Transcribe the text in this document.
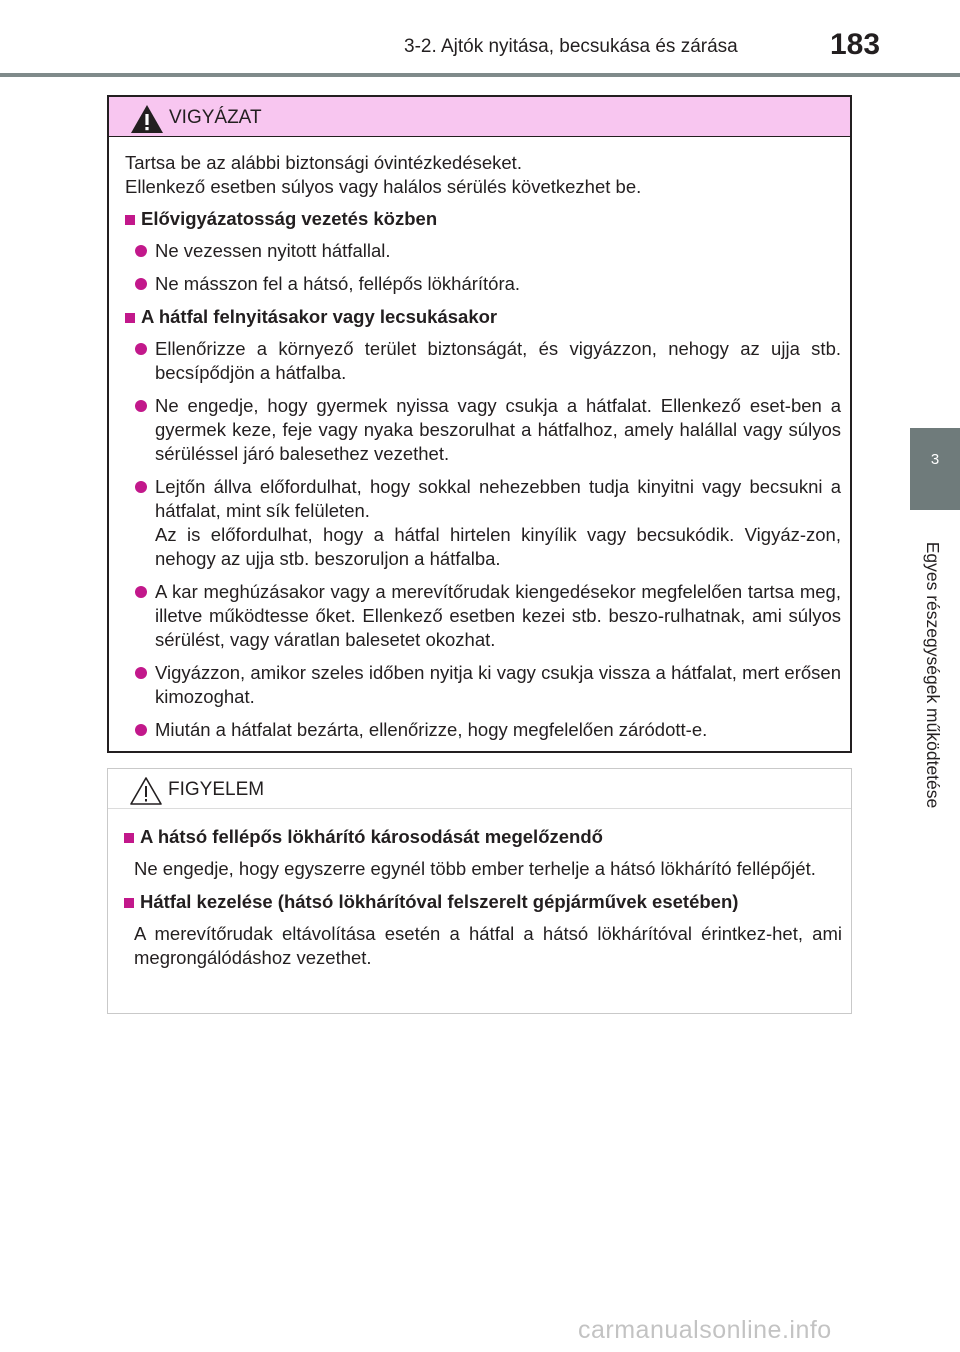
3-2. Ajtók nyitása, becsukása és zárása	183
3
Egyes részegységek működtetése
VIGYÁZAT

Tartsa be az alábbi biztonsági óvintézkedéseket.

Ellenkező esetben súlyos vagy halálos sérülés következhet be.

Elővigyázatosság vezetés közben
Ne vezessen nyitott hátfallal.
Ne másszon fel a hátsó, fellépős lökhárítóra.
A hátfal felnyitásakor vagy lecsukásakor
Ellenőrizze a környező terület biztonságát, és vigyázzon, nehogy az ujja stb. becsípődjön a hátfalba.
Ne engedje, hogy gyermek nyissa vagy csukja a hátfalat. Ellenkező eset-ben a gyermek keze, feje vagy nyaka beszorulhat a hátfalhoz, amely halállal vagy súlyos sérüléssel járó balesethez vezethet.
Lejtőn állva előfordulhat, hogy sokkal nehezebben tudja kinyitni vagy becsukni a hátfalat, mint sík felületen.
Az is előfordulhat, hogy a hátfal hirtelen kinyílik vagy becsukódik. Vigyáz-zon, nehogy az ujja stb. beszoruljon a hátfalba.
A kar meghúzásakor vagy a merevítőrudak kiengedésekor megfelelően tartsa meg, illetve működtesse őket. Ellenkező esetben kezei stb. beszo-rulhatnak, ami súlyos sérülést, vagy váratlan balesetet okozhat.
Vigyázzon, amikor szeles időben nyitja ki vagy csukja vissza a hátfalat, mert erősen kimozoghat.
Miután a hátfalat bezárta, ellenőrizze, hogy megfelelően záródott-e.
FIGYELEM
A hátsó fellépős lökhárító károsodását megelőzendő

Ne engedje, hogy egyszerre egynél több ember terhelje a hátsó lökhárító fellépőjét.

Hátfal kezelése (hátsó lökhárítóval felszerelt gépjárművek esetében)

A merevítőrudak eltávolítása esetén a hátfal a hátsó lökhárítóval érintkez-het, ami megrongálódáshoz vezethet.

carmanualsonline.info
